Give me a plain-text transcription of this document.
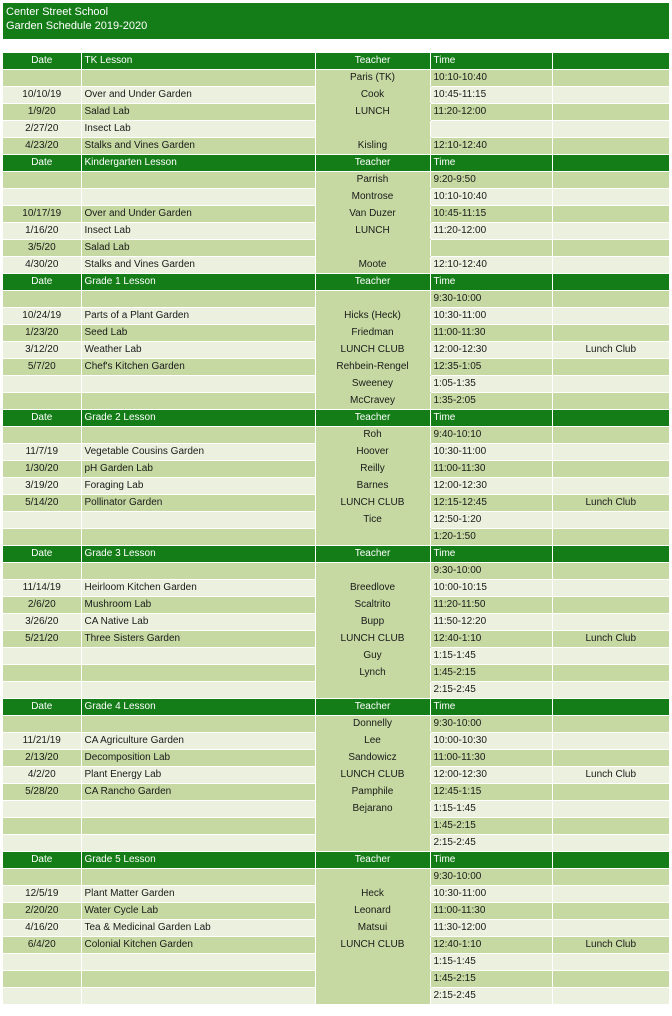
Center Street School
Garden Schedule 2019-2020
Date	TK Lesson	Teacher	Time	
		Paris (TK)	10:10-10:40	
10/10/19	Over and Under Garden	Cook	10:45-11:15	
1/9/20	Salad Lab	LUNCH	11:20-12:00	
2/27/20	Insect Lab			
4/23/20	Stalks and Vines Garden	Kisling	12:10-12:40	
Date	Kindergarten Lesson	Teacher	Time	
		Parrish	9:20-9:50	
		Montrose	10:10-10:40	
10/17/19	Over and Under Garden	Van Duzer	10:45-11:15	
1/16/20	Insect Lab	LUNCH	11:20-12:00	
3/5/20	Salad Lab			
4/30/20	Stalks and Vines Garden	Moote	12:10-12:40	
Date	Grade 1 Lesson	Teacher	Time	
			9:30-10:00	
10/24/19	Parts of a Plant Garden	Hicks (Heck)	10:30-11:00	
1/23/20	Seed Lab	Friedman	11:00-11:30	
3/12/20	Weather Lab	LUNCH CLUB	12:00-12:30	Lunch Club
5/7/20	Chef's Kitchen Garden	Rehbein-Rengel	12:35-1:05	
		Sweeney	1:05-1:35	
		McCravey	1:35-2:05	
Date	Grade 2 Lesson	Teacher	Time	
		Roh	9:40-10:10	
11/7/19	Vegetable Cousins Garden	Hoover	10:30-11:00	
1/30/20	pH Garden Lab	Reilly	11:00-11:30	
3/19/20	Foraging Lab	Barnes	12:00-12:30	
5/14/20	Pollinator Garden	LUNCH CLUB	12:15-12:45	Lunch Club
		Tice	12:50-1:20	
			1:20-1:50	
Date	Grade 3 Lesson	Teacher	Time	
			9:30-10:00	
11/14/19	Heirloom Kitchen Garden	Breedlove	10:00-10:15	
2/6/20	Mushroom Lab	Scaltrito	11:20-11:50	
3/26/20	CA Native Lab	Bupp	11:50-12:20	
5/21/20	Three Sisters Garden	LUNCH CLUB	12:40-1:10	Lunch Club
		Guy	1:15-1:45	
		Lynch	1:45-2:15	
			2:15-2:45	
Date	Grade 4 Lesson	Teacher	Time	
		Donnelly	9:30-10:00	
11/21/19	CA Agriculture Garden	Lee	10:00-10:30	
2/13/20	Decomposition Lab	Sandowicz	11:00-11:30	
4/2/20	Plant Energy Lab	LUNCH CLUB	12:00-12:30	Lunch Club
5/28/20	CA Rancho Garden	Pamphile	12:45-1:15	
		Bejarano	1:15-1:45	
			1:45-2:15	
			2:15-2:45	
Date	Grade 5 Lesson	Teacher	Time	
			9:30-10:00	
12/5/19	Plant Matter Garden	Heck	10:30-11:00	
2/20/20	Water Cycle Lab	Leonard	11:00-11:30	
4/16/20	Tea & Medicinal Garden Lab	Matsui	11:30-12:00	
6/4/20	Colonial Kitchen Garden	LUNCH CLUB	12:40-1:10	Lunch Club
			1:15-1:45	
			1:45-2:15	
			2:15-2:45	
